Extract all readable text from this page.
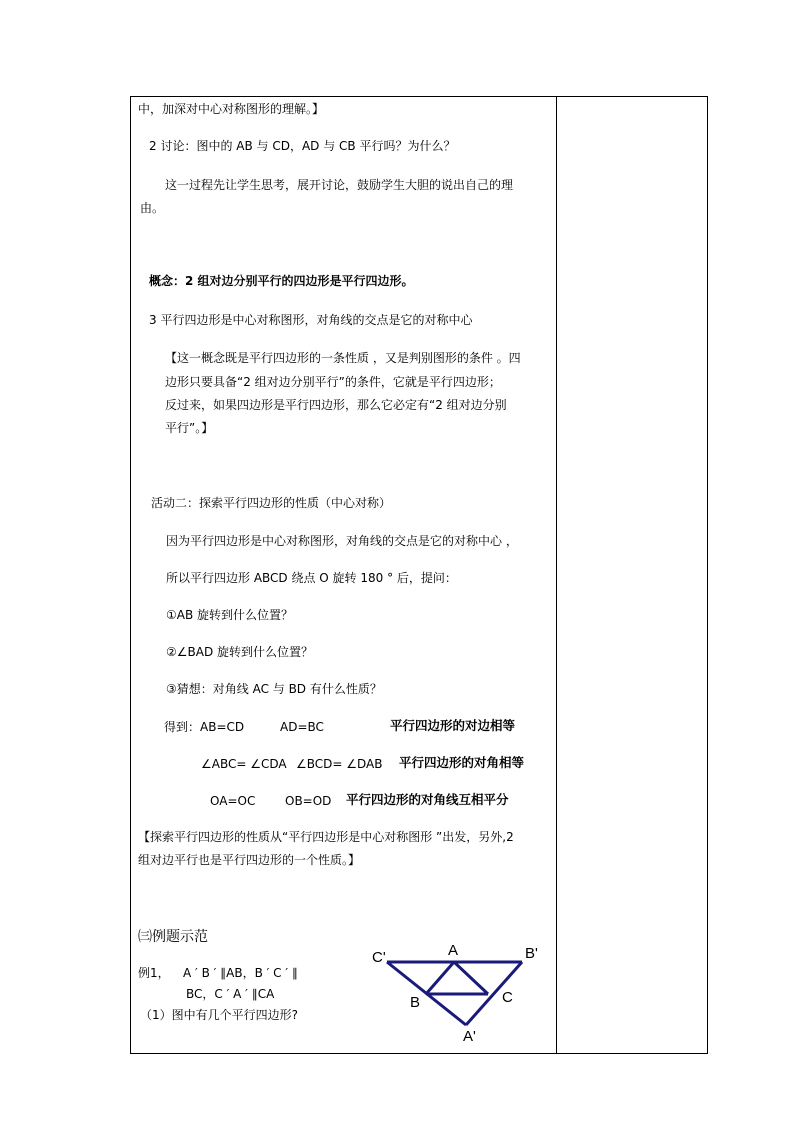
中，加深对中心对称图形的理解。】
2 讨论：图中的 AB 与 CD，AD 与 CB 平行吗？为什么？
这一过程先让学生思考，展开讨论，鼓励学生大胆的说出自己的理
由。
概念：2 组对边分别平行的四边形是平行四边形。
3 平行四边形是中心对称图形，对角线的交点是它的对称中心
【这一概念既是平行四边形的一条性质 ，又是判别图形的条件 。四
边形只要具备“2 组对边分别平行”的条件，它就是平行四边形；
反过来，如果四边形是平行四边形，那么它必定有“2 组对边分别
平行”。】
活动二：探索平行四边形的性质（中心对称）
因为平行四边形是中心对称图形，对角线的交点是它的对称中心 ，
所以平行四边形 ABCD 绕点 O 旋转 180 ° 后，提问：
①AB 旋转到什么位置？
②∠BAD 旋转到什么位置？
③猜想：对角线 AC 与 BD 有什么性质？
得到：AB=CD	AD=BC	平行四边形的对边相等
∠ABC= ∠CDA ∠BCD= ∠DAB 平行四边形的对角相等
OA=OC OB=OD 平行四边形的对角线互相平分
【探索平行四边形的性质从“平行四边形是中心对称图形 ”出发，另外,2
组对边平行也是平行四边形的一个性质。】
㈢例题示范
例1， A ′ B ′ ∥AB，B ′ C ′ ∥
BC，C ′ A ′ ∥CA
（1）图中有几个平行四边形?
C'	A	B'
B	C
A'
